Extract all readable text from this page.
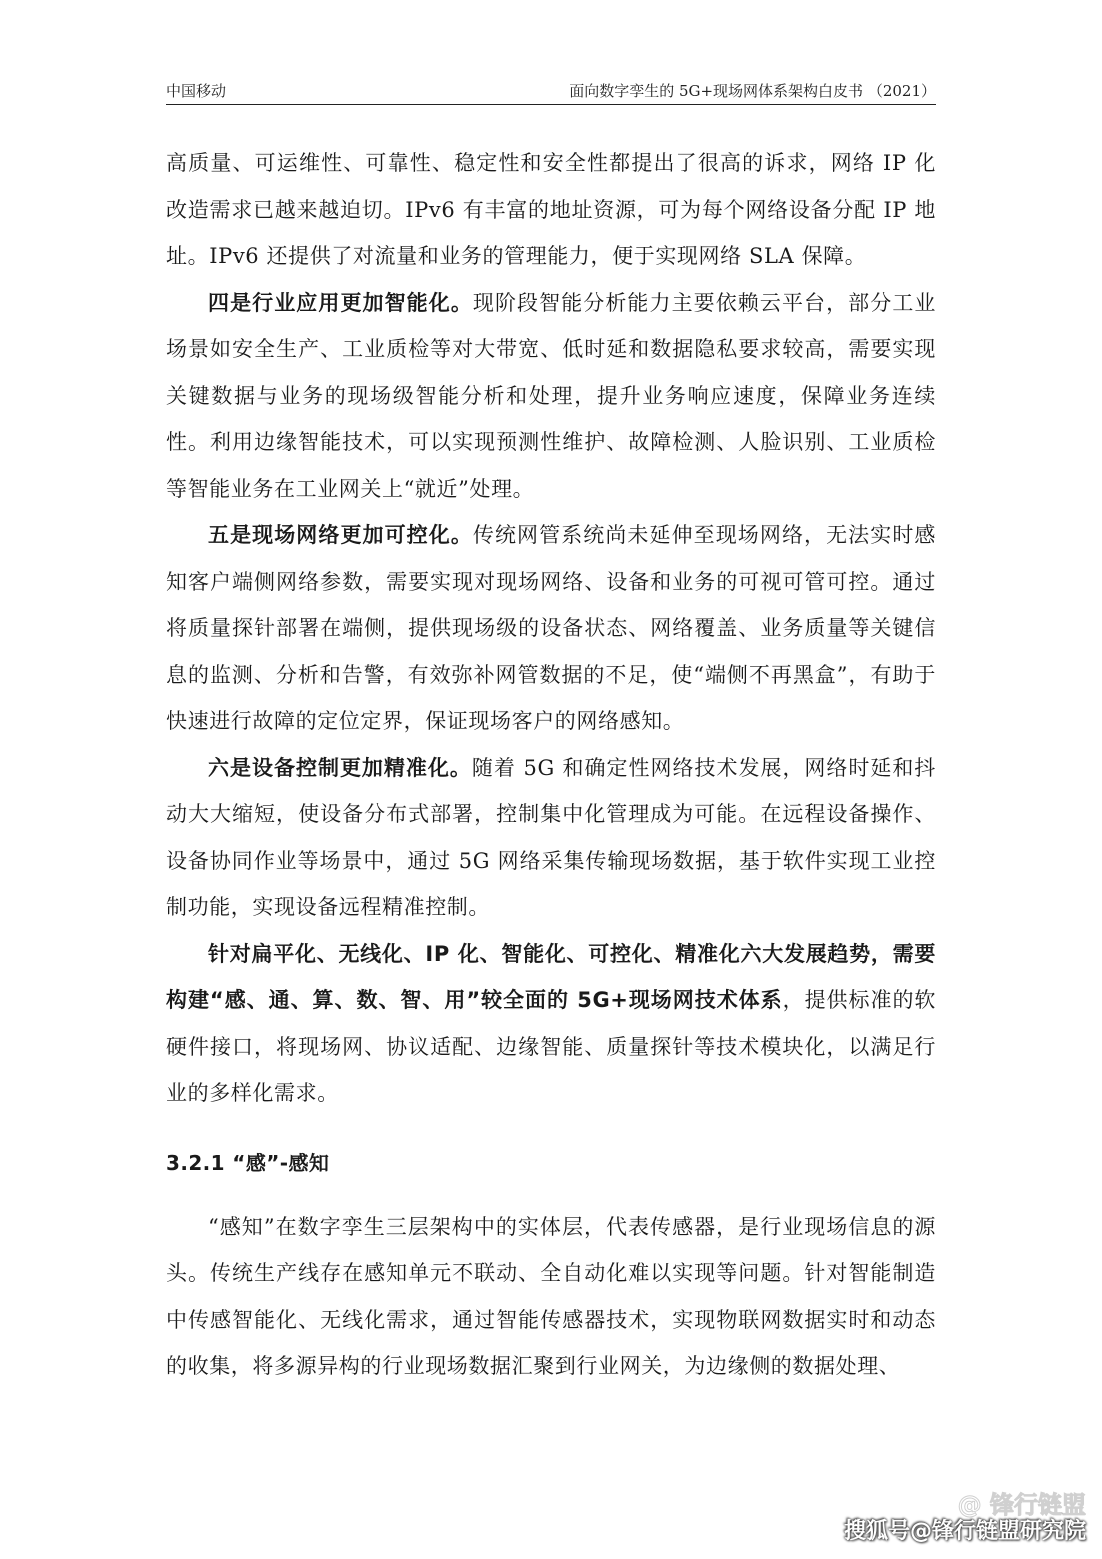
中国移动	面向数字孪生的 5G+现场网体系架构白皮书 （2021）

高质量、可运维性、可靠性、稳定性和安全性都提出了很高的诉求，网络 IP 化改造需求已越来越迫切。IPv6 有丰富的地址资源，可为每个网络设备分配 IP 地址。IPv6 还提供了对流量和业务的管理能力，便于实现网络 SLA 保障。

四是行业应用更加智能化。现阶段智能分析能力主要依赖云平台，部分工业场景如安全生产、工业质检等对大带宽、低时延和数据隐私要求较高，需要实现关键数据与业务的现场级智能分析和处理，提升业务响应速度，保障业务连续性。利用边缘智能技术，可以实现预测性维护、故障检测、人脸识别、工业质检等智能业务在工业网关上“就近”处理。

五是现场网络更加可控化。传统网管系统尚未延伸至现场网络，无法实时感知客户端侧网络参数，需要实现对现场网络、设备和业务的可视可管可控。通过将质量探针部署在端侧，提供现场级的设备状态、网络覆盖、业务质量等关键信息的监测、分析和告警，有效弥补网管数据的不足，使“端侧不再黑盒”，有助于快速进行故障的定位定界，保证现场客户的网络感知。

六是设备控制更加精准化。随着 5G 和确定性网络技术发展，网络时延和抖动大大缩短，使设备分布式部署，控制集中化管理成为可能。在远程设备操作、设备协同作业等场景中，通过 5G 网络采集传输现场数据，基于软件实现工业控制功能，实现设备远程精准控制。

针对扁平化、无线化、IP 化、智能化、可控化、精准化六大发展趋势，需要构建“感、通、算、数、智、用”较全面的 5G+现场网技术体系，提供标准的软硬件接口，将现场网、协议适配、边缘智能、质量探针等技术模块化，以满足行业的多样化需求。

3.2.1 “感”-感知

“感知”在数字孪生三层架构中的实体层，代表传感器，是行业现场信息的源头。传统生产线存在感知单元不联动、全自动化难以实现等问题。针对智能制造中传感智能化、无线化需求，通过智能传感器技术，实现物联网数据实时和动态的收集，将多源异构的行业现场数据汇聚到行业网关，为边缘侧的数据处理、

@ 锋行链盟
搜狐号@锋行链盟研究院
